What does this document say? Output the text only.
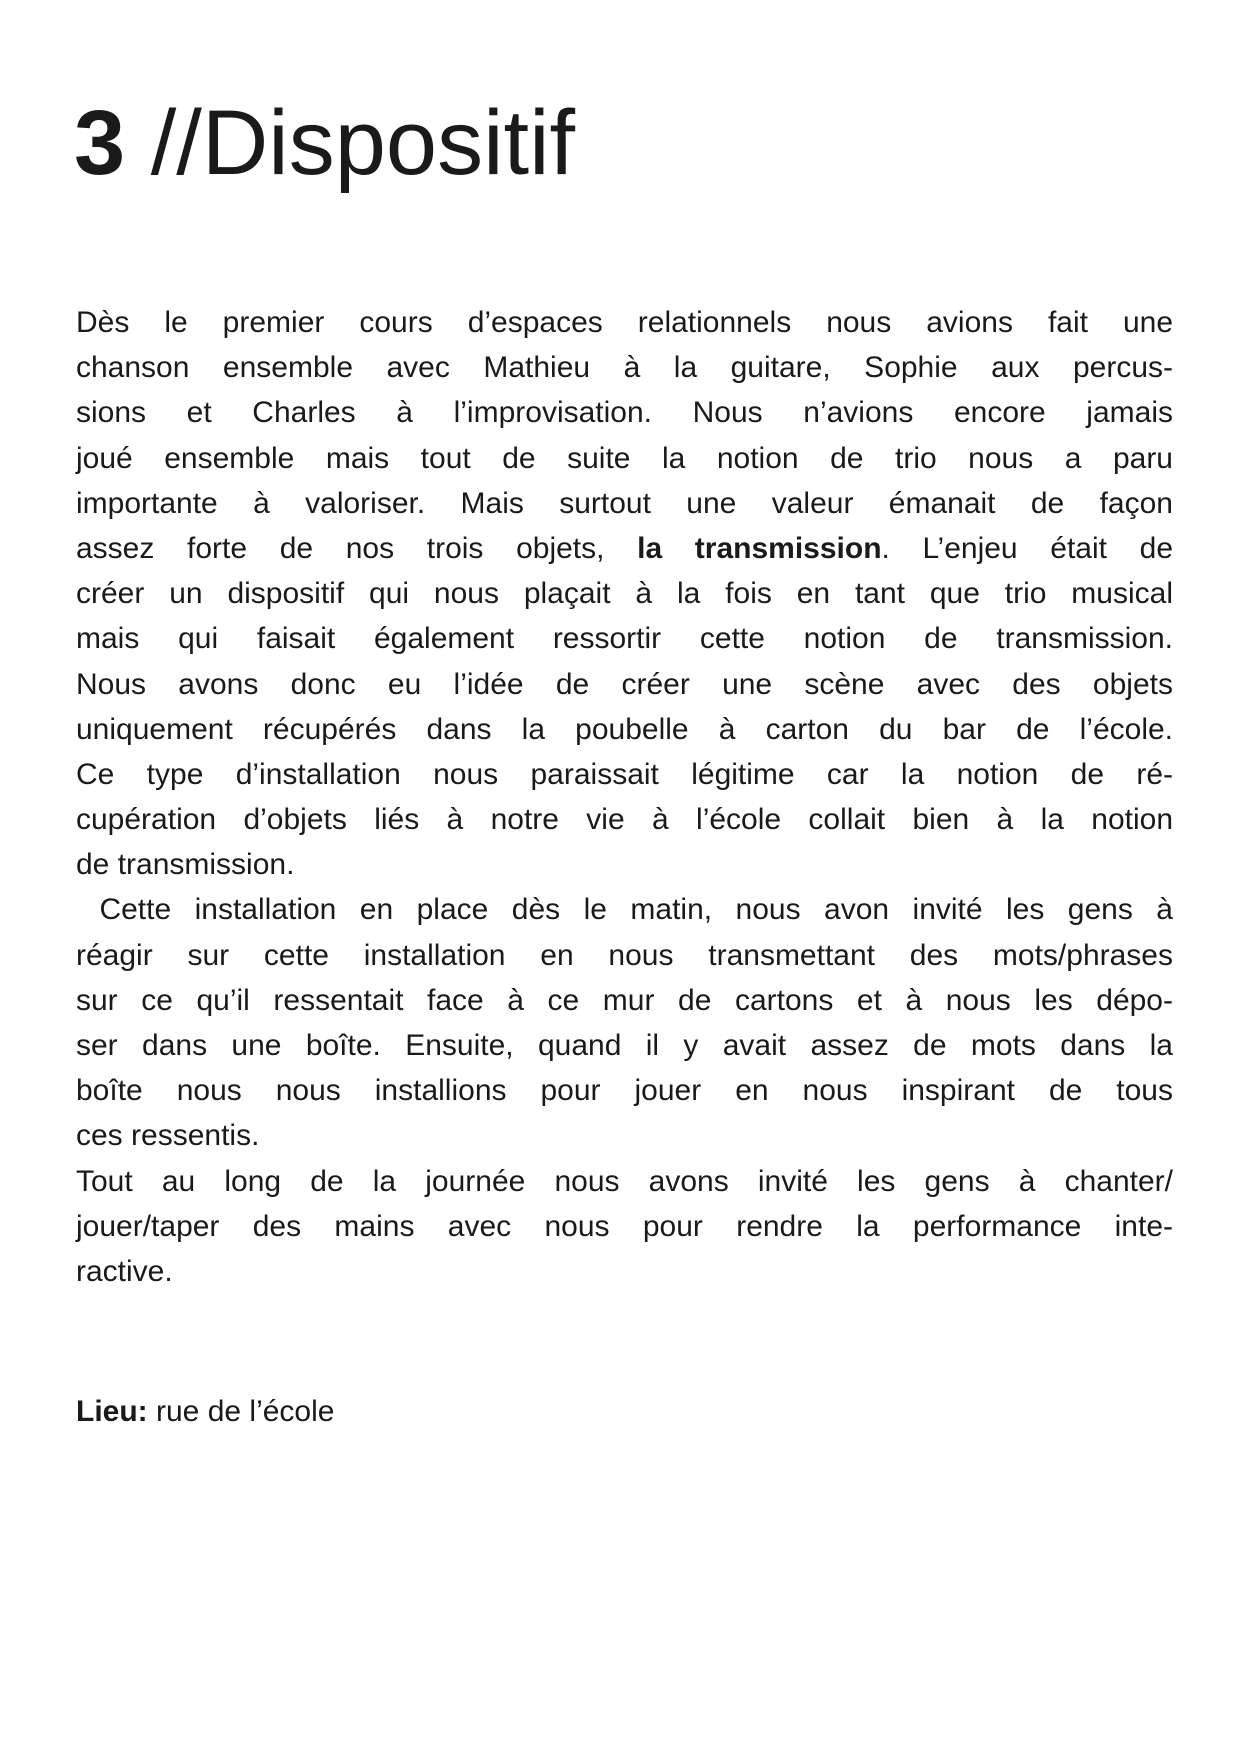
3 //Dispositif
Dès le premier cours d’espaces relationnels nous avions fait une
chanson ensemble avec Mathieu à la guitare, Sophie aux percus-
sions et Charles à l’improvisation. Nous n’avions encore jamais
joué ensemble mais tout de suite la notion de trio nous a paru
importante à valoriser. Mais surtout une valeur émanait de façon
assez forte de nos trois objets, la transmission. L’enjeu était de
créer un dispositif qui nous plaçait à la fois en tant que trio musical
mais qui faisait également ressortir cette notion de transmission.
Nous avons donc eu l’idée de créer une scène avec des objets
uniquement récupérés dans la poubelle à carton du bar de l’école.
Ce type d’installation nous paraissait légitime car la notion de ré-
cupération d’objets liés à notre vie à l’école collait bien à la notion
de transmission.
Cette installation en place dès le matin, nous avon invité les gens à
réagir sur cette installation en nous transmettant des mots/phrases
sur ce qu’il ressentait face à ce mur de cartons et à nous les dépo-
ser dans une boîte. Ensuite, quand il y avait assez de mots dans la
boîte nous nous installions pour jouer en nous inspirant de tous
ces ressentis.
Tout au long de la journée nous avons invité les gens à chanter/
jouer/taper des mains avec nous pour rendre la performance inte-
ractive.
Lieu: rue de l’école
